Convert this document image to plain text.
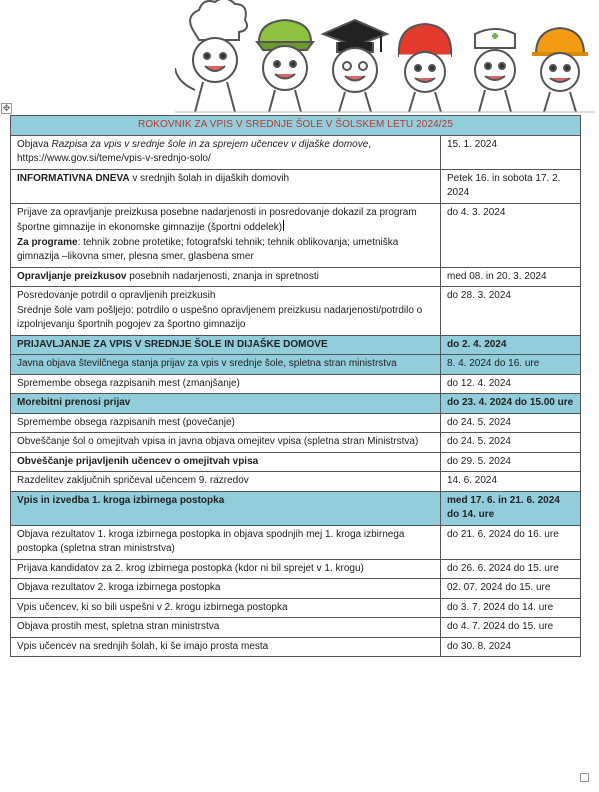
✥
ROKOVNIK ZA VPIS V SREDNJE ŠOLE V ŠOLSKEM LETU 2024/25	
Objava Razpisa za vpis v srednje šole in za sprejem učencev v dijaške domove,
https://www.gov.si/teme/vpis-v-srednjo-solo/	15. 1. 2024
INFORMATIVNA DNEVA v srednjih šolah in dijaških domovih	Petek 16. in sobota 17. 2. 2024
Prijave za opravljanje preizkusa posebne nadarjenosti in posredovanje dokazil za program športne gimnazije in ekonomske gimnazije (športni oddelek)
Za programe: tehnik zobne protetike; fotografski tehnik; tehnik oblikovanja; umetniška gimnazija –likovna smer, plesna smer, glasbena smer	do 4. 3. 2024
Opravljanje preizkusov posebnih nadarjenosti, znanja in spretnosti	med 08. in 20. 3. 2024
Posredovanje potrdil o opravljenih preizkusih
Srednje šole vam pošljejo: potrdilo o uspešno opravljenem preizkusu nadarjenosti/potrdilo o izpolnjevanju športnih pogojev za športno gimnazijo	do 28. 3. 2024
PRIJAVLJANJE ZA VPIS V SREDNJE ŠOLE IN DIJAŠKE DOMOVE	do 2. 4. 2024
Javna objava številčnega stanja prijav za vpis v srednje šole, spletna stran ministrstva	8. 4. 2024 do 16. ure
Spremembe obsega razpisanih mest (zmanjšanje)	do 12. 4. 2024
Morebitni prenosi prijav	do 23. 4. 2024 do 15.00 ure
Spremembe obsega razpisanih mest (povečanje)	do 24. 5. 2024
Obveščanje šol o omejitvah vpisa in javna objava omejitev vpisa (spletna stran Ministrstva)	do 24. 5. 2024
Obveščanje prijavljenih učencev o omejitvah vpisa	do 29. 5. 2024
Razdelitev zaključnih spričeval učencem 9. razredov	14. 6. 2024
Vpis in izvedba 1. kroga izbirnega postopka	med 17. 6. in 21. 6. 2024 do 14. ure
Objava rezultatov 1. kroga izbirnega postopka in objava spodnjih mej 1. kroga izbirnega postopka (spletna stran ministrstva)	do 21. 6. 2024 do 16. ure
Prijava kandidatov za 2. krog izbirnega postopka (kdor ni bil sprejet v 1. krogu)	do 26. 6. 2024 do 15. ure
Objava rezultatov 2. kroga izbirnega postopka	02. 07. 2024 do 15. ure
Vpis učencev, ki so bili uspešni v 2. krogu izbirnega postopka	do 3. 7. 2024 do 14. ure
Objava prostih mest, spletna stran ministrstva	do 4. 7. 2024 do 15. ure
Vpis učencev na srednjih šolah, ki še imajo prosta mesta	do 30. 8. 2024
